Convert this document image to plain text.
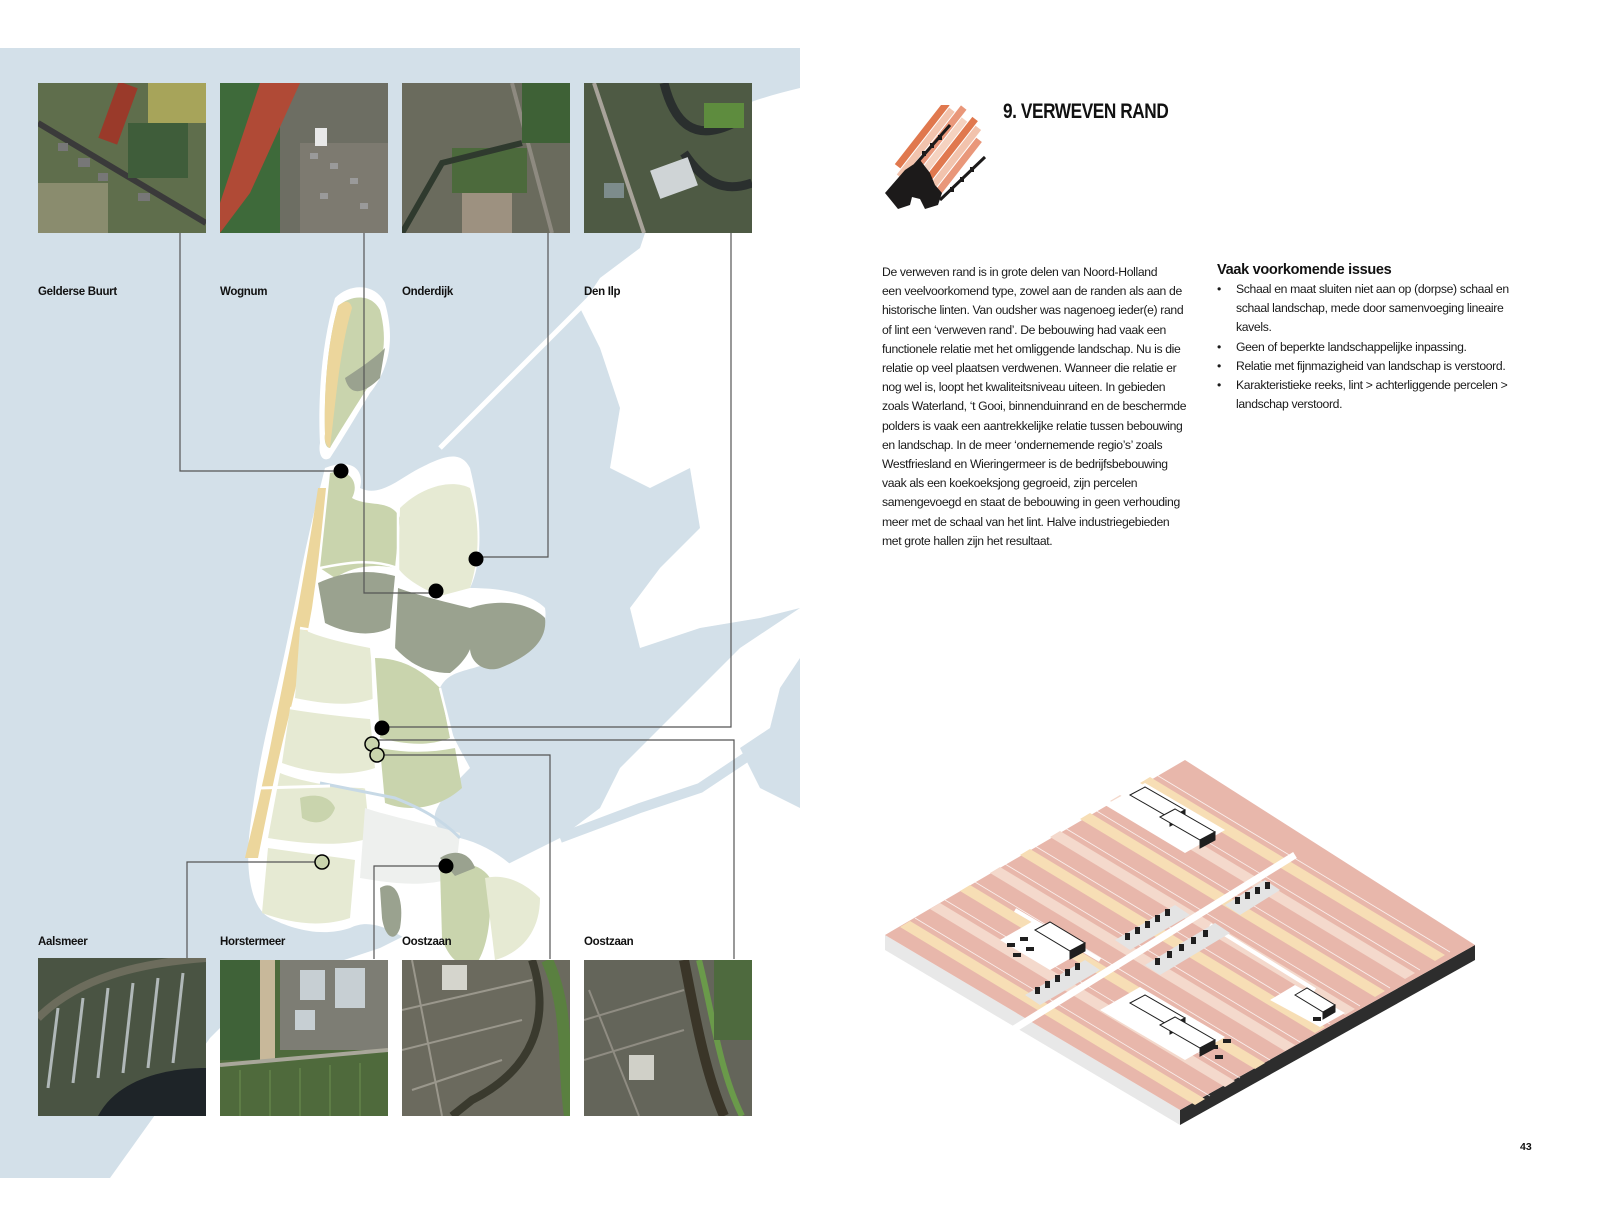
Gelderse Buurt	Wognum	Onderdijk	Den Ilp
Aalsmeer	Horstermeer	Oostzaan	Oostzaan
9. VERWEVEN RAND
De verweven rand is in grote delen van Noord-Holland
een veelvoorkomend type, zowel aan de randen als aan de
historische linten. Van oudsher was nagenoeg ieder(e) rand
of lint een ‘verweven rand’. De bebouwing had vaak een
functionele relatie met het omliggende landschap. Nu is die
relatie op veel plaatsen verdwenen. Wanneer die relatie er
nog wel is, loopt het kwaliteitsniveau uiteen. In gebieden
zoals Waterland, ‘t Gooi, binnenduinrand en de beschermde
polders is vaak een aantrekkelijke relatie tussen bebouwing
en landschap. In de meer ‘ondernemende regio’s’ zoals
Westfriesland en Wieringermeer is de bedrijfsbebouwing
vaak als een koekoeksjong gegroeid, zijn percelen
samengevoegd en staat de bebouwing in geen verhouding
meer met de schaal van het lint. Halve industriegebieden
met grote hallen zijn het resultaat.
Vaak voorkomende issues
• Schaal en maat sluiten niet aan op (dorpse) schaal en
schaal landschap, mede door samenvoeging lineaire
kavels.
• Geen of beperkte landschappelijke inpassing.
• Relatie met fijnmazigheid van landschap is verstoord.
• Karakteristieke reeks, lint > achterliggende percelen >
landschap verstoord.
43
